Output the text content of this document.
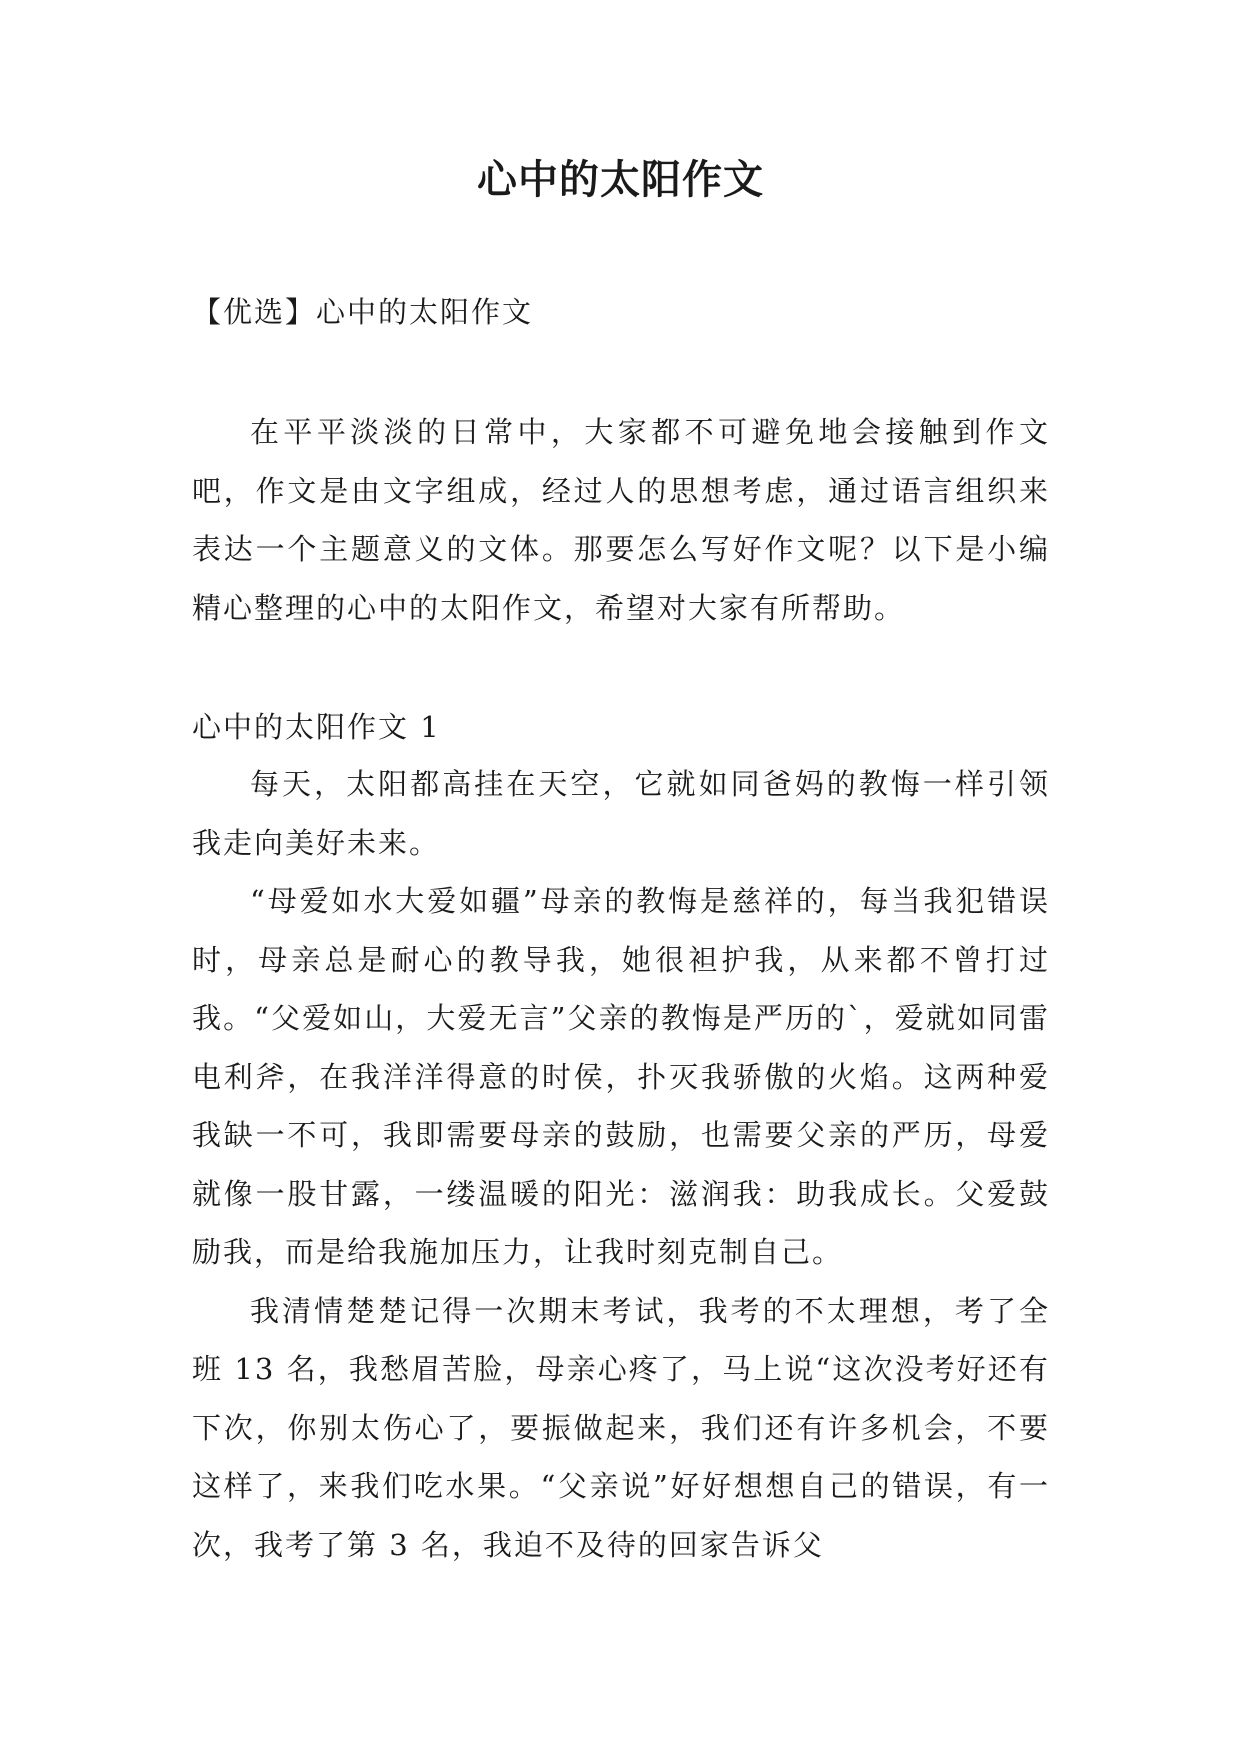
心中的太阳作文
【优选】心中的太阳作文

在平平淡淡的日常中，大家都不可避免地会接触到作文吧，作文是由文字组成，经过人的思想考虑，通过语言组织来表达一个主题意义的文体。那要怎么写好作文呢？以下是小编精心整理的心中的太阳作文，希望对大家有所帮助。

心中的太阳作文 1

每天，太阳都高挂在天空，它就如同爸妈的教悔一样引领我走向美好未来。

“母爱如水大爱如疆”母亲的教悔是慈祥的，每当我犯错误时，母亲总是耐心的教导我，她很袒护我，从来都不曾打过我。“父爱如山，大爱无言”父亲的教悔是严历的`，爱就如同雷电利斧，在我洋洋得意的时侯，扑灭我骄傲的火焰。这两种爱我缺一不可，我即需要母亲的鼓励，也需要父亲的严历，母爱就像一股甘露，一缕温暖的阳光：滋润我：助我成长。父爱鼓励我，而是给我施加压力，让我时刻克制自己。

我清情楚楚记得一次期末考试，我考的不太理想，考了全班 13 名，我愁眉苦脸，母亲心疼了，马上说“这次没考好还有下次，你别太伤心了，要振做起来，我们还有许多机会，不要这样了，来我们吃水果。“父亲说”好好想想自己的错误，有一次，我考了第 3 名，我迫不及待的回家告诉父
